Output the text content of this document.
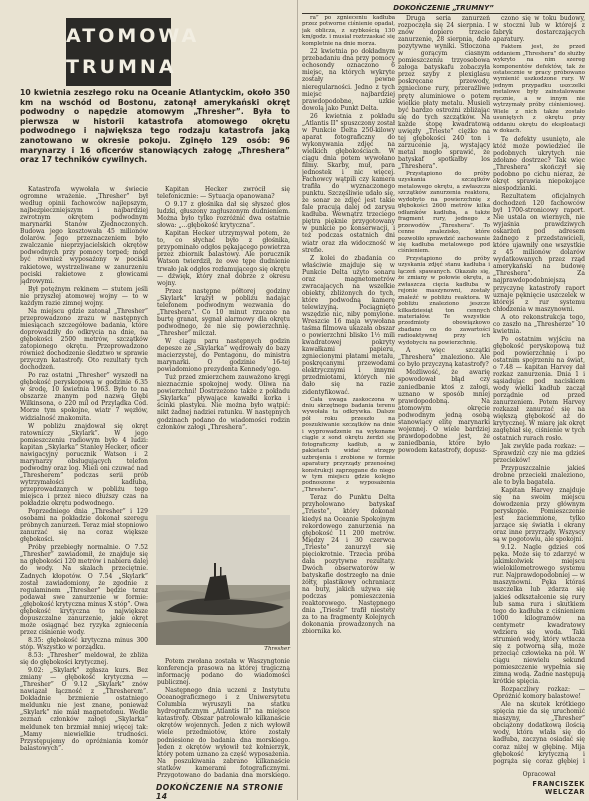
ATOMOWA
TRUMNA
10 kwietnia zeszłego roku na Oceanie Atlantyckim, około 350 km na wschód od Bostonu, zatonął amerykański okręt podwodny o napędzie atomowym „Thresher”. Była to pierwsza w historii katastrofa atomowego okrętu podwodnego i największa tego rodzaju katastrofa jaką zanotowano w okresie pokoju. Zginęło 129 osób: 96 marynarzy i 16 oficerów stanowiących załogę „Threshera” oraz 17 techników cywilnych.

Katastrofa wywołała w świecie ogromne wrażenie. „Thresher” był według opinii fachowców najlepszym, najbezpieczniejszym i najbardziej zwrotnym okrętem podwodnym marynarki Stanów Zjednoczonych. Budowa jego kosztowała 45 milionów dolarów. Jego przeznaczeniem było zwalczanie nieprzyjacielskich okrętów podwodnych przy pomocy torped; mógł być również wyposażony w pociski rakietowe, wystrzeliwane w zanurzeniu pociski rakietowe z głowicami jądrowymi.

Był potężnym rekinem — stutem jeśli nie przyszłej atomowej wojny — to w każdym razie zimnej wojny.

Na miejscu gdzie zatonął „Thresher” przeprowadzono zrazu w następnych miesiącach szczegółowe badania, które doprowadziły do odkrycia na dnie, na głębokości 2500 metrów, szczątków zatopionego okrętu. Przeprowadzono również dochodzenie śledztwo w sprawie przyczyn katastrofy. Oto rezultaty tych dochodzeń.

Po raz ostatni „Thresher” wyszedł na głębokość peryskopową w godzinie 6.35 w środę, 10 kwietnia 1963. Było to na obszarze znanym pod nazwą Głębi Wilkinsona, o 220 mil od Przylądka Cod. Morze tym spokojne, wiatr 7 węzłów, widzialność znakomita.

W pobliżu znajdował się okręt ratowniczy „Skylark”. W jego pomieszczeniu radiowym było 4 ludzi: kapitan „Skylarka” Stanley Hecker, oficer nawigacyjny porucznik Watson i 2 marynarzy obsługujących telefon podwodny oraz log. Mieli oni czuwać nad „Thresherem” podczas serii prób wytrzymałości kadłuba, przeprowadzanych w pobliżu tego miejsca i przez nieco dłuższy czas na pokładzie okrętu podwodnego.

Poprzedniego dnia „Thresher” i 129 osobami na pokładzie dokonał szeregu próbnych zanurzeń. Teraz miał stopniowo zanurzać się na coraz większe głębokości.

Próby przebiegły normalnie. O 7.52 „Thresher” zawiadomił, że znajduje się na głębokości 120 metrów i nabiera dalej do wody. Na skalach przeciętnie. Zadnych kłopotów. O 7.54 „Skylark” został zawiadomiony, że zgodnie z regulaminem „Thresher” będzie teraz podawał swe zanurzenie w formie: „głębokość krytyczna minus X stóp”. Owa głębokość krytyczna to największe dopuszczalne zanurzenie, jakie okręt może osiągnąć bez ryzyka zgniecenia przez ciśnienie wody.

8.35: głębokość krytyczna minus 300 stóp. Wszystko w porządku.

8.53: „Thresher” meldował, że zbliża się do głębokości krytycznej.

9.02: „Skylark” zgłasza kurs. Bez zmiany — głębokość krytyczna — „Thresher” O 9.12 „Skylark” znów nawiązał łączność z „Thresherem”. Dokładnie brzmienie ostatniego meldunku nie jest znane, ponieważ „Skylark” nie miał magnetofonu. Wedle zeznań członków załogi „Skylarka” meldunek ten brzmiał mniej więcej tak: „Mamy niewielkie trudności. Przystępujemy do opróżniania komór balastowych”.

Kapitan Hecker zwrócił się telefonicznie: — Sytuacja opanowana?

O 9.17 z głośnika dał się słyszeć głos ludzki, głuszony zagłuszonym dudnieniem. Można było tylko rozróżnić dwa ostatnie słowa: „...głębokość krytyczna”.

Kapitan Hecker utrzymywał potem, że to, co słychać było z głośnika, przypominało odgłos pękającego powietrza przez zbiornik balastowy. Ale porucznik Watson twierdził, że owe tępe dudnienie trwało jak odgłos rozłamującego się okrętu — dźwięk, który znał dobrze z okresu wojny.

Przez następne półtorej godziny „Skylark” krążył w pobliżu nadając telefonem podwodnym wezwania do „Threshera”. Co 10 minut rzucano na burtę granat, sygnał alarmowy dla okrętu podwodnego, że nie się powierzchnię. „Thresher” milczał.

W ciągu paru następnych godzin depesze ze „Skylarka” wędrowały do bazy macierzystej, do Pentagonu, do ministra marynarki. O godzinie 16-tej powiadomiono prezydenta Kennedy'ego.

Tuż przed zmierzchem zauważono kręgi nieznacznie spokojnej wody. Oliwa na powierzchni! Dostrzeżono także z pokładu „Skylarka” pływające kawałki korka i ścinki plastyku. Nie można było wątpić: nikt żadnej nadziei ratunku. W następnych godzinach podano do wiadomości rodzin członków załogi „Threshera”.

Thresher

Potem zwołana została w Waszyngtonie konferencja prasowa na której tragiczną informację podano do wiadomości publicznej.

Następnego dnia uczeni z Instytutu Oceanograficznego i z Uniwersytetu Columbia wyruszyli na statku hydrograficznym „Atlantis II” na miejsce katastrofy. Obszar patrolowało kilkanaście okrętów wojennych. Jeden z nich wyłowił wiele przedmiotów, które zostały podniesione do badania dna morskiego. Jeden z okrętów wyłowił też kołnierzyk, który potem uznano za część wyposażenia. Na poszukiwania zabrano kilkanaście statków kamerami fotograficznymi. Przygotowano do badania dna morskiego.

DOKOŃCZENIE NA STRONIE 14
DOKOŃCZENIE „TRUMNY”

ra” po zgnieceniu kadłuba przez potworne ciśnienie opadał, jak oblicza, z szybkością 130 km/godz. i musiał roztrzaskać się kompletnie na dnie morza.

22 kwietnia po dokładnym przebadaniu dna przy pomocy echosondy oznaczono 6 miejsc, na których wykryte zostały pewne nieregularności. Jedno z tych miejsc najbardziej prawdopodobne, uzkie dowolą jako Punkt Delta.

26 kwietnia z pokładu „Atlantis II” spuszczony został w Punkcie Delta 250-kilowy aparat fotograficzny do wykonywania zdjęć na wielkich głębokościach. W ciągu dnia potem wywołano filmy. Skarby, muł, para jednostek i nic więcej. Fachowcy wątpili czy kamera trafiła do wyznaczonego punktu. Szczęśliwie udało się, że sonar ze zdjęć jest takie fale pracują dalej od zarysu kadłuba. Wewnątrz trzeciego piętra pięknie przygotowany w punkcie po konserwacji, i też podczas ostatnich dni wiatr oraz zła widoczność w strefie.

Z kolei do zbadania co właściwie znajduje się w Punkcie Delta użyto sonaru oraz magnetometrów zwracających na wszelkie obiekty, zbliżonych do tych, które podwodną kamerę telewizyjną. Pociągnięto wszędzie nic, niby pomylone. Wreszcie 16 maja wywołana taśma filmowa ukazała obszar o powierzchni blisko 1½ mili kwadratowej pokryty kawałkami papieru, zgniecionymi płatami metalu, poskręcanymi przewodami elektrycznymi i innymi przedmiotami, których nie dało się na razie zidentyfikować.

Cała uwaga zaskoczona w dniu skrzętnego badania terenu wywołała ta odkrywka. Dalsze pół roku przeszło na poszukiwanie szczątków na dnie i wyprowadzenie na wykonane ciągle z sond okrętu żerdzi się fotograficzny kadłub, a w pakietach widać strzępy uzbrojenia i zrobione w formie aparatury przyrządy przenośnej konstrukcji zaprzęgane do niego w tym miejscu gdzie kolejno podnoszone z wyposażenia „Threshera”.

Teraz do Punktu Delta przyholowano batyskaf „Trieste”, który dokonał kiedyś na Oceanie Spokojnym rekordowego zanurzenia na głębokość 11 200 metrów. Między 24 i 30 czerwca „Trieste” zanurzył się pięciokrotnie. Trzecia próba dała pozytywne rezultaty. Dwóch obserwatorów w batyskafie dostrzegło na dnie żółty, plastikowy ochraniacz na buty, jakich używa się podczas pomieszczenia reaktorowego. Następnego dnia „Trieste” trafił niestety za to na fragmenty Kolejnych dokonania prowadzonych na zbiornika ko.

Druga seria zanurzeń rozpoczęła się 24 sierpnia. I znów dopiero trzecie zanurzenie, 28 sierpnia, dało pozytywne wyniki. Stłoczona w gorącym ciasnym pomieszczeniu trzyosobowa załoga batyskafu zobaczyła przez szyby z plexiglasu poskręcane przewody, zgniecione rury, przeraźliwe pręty aluminiowe o potem wielkie płaty metalu. Musieli być bardzo ostrożni zbliżając się do tych szczątków. Na każde stopę kwadratową uwięzły „Trieste” ciężko na tej głębokości 240 ton i zarzucenie ją, wystający metal mogło sprawić, że batyskaf spotkałby los „Threshera”.

Przystąpiono do próby uzyskania szczątków metalowego okrętu, a zwłaszcza szczątków zanurzenia reaktora, wydobyto na powierzchnię z głębokości 2600 metrów kilka odłamków kadłuba, a także fragment rury, jednego z przewodów „Threshera”. To cenne znalezisko, które pozwoliło sprawdzić zachowanie się kadłuba metalowego pod ciśnieniem.

Przystąpiono do próby uzyskania zdjęć stanu kadłuba i łączeń spawanych. Okazało się, że zmiany w połowie okrętu, a zwłaszcza cięcia kadłuba w rejonie maszynowni, zostały znaleźć w pobliżu reaktora. W pobliżu znaleziono jeszcze kilkadziesiąt ton cennych materiałów. Te wszystkie przedmioty obowiązkowo zbadano co do zawartości radioaktywnej przy ich wydobyciu na powierzchnię.

A więc szczątki „Threshera” znaleziono. Ale co było przyczyną katastrofy?

Możliwość, że awarię spowodował błąd czy zaniedbanie ktoś z załogi, uznano w sposób mniej prawdopodobną. Na atomowym okręcie podwodnym jedną osobą stanowiący elitę marynarki wojennej. O wiele bardziej prawdopodobne jest, że zaniedbania, które było powodem katastrofy, dopusz-

czono się w toku budowy, w stoczni lub w którejś z fabryk dostarczających aparatury.

Faktem jest, że przed oddaniem „Threshera” do służby wykryto na nim szereg komponentów defektów, tak że ostatecznie w pracy próbowano wymienić uszkodzone rury. W jednym przypadku uszczelki metalowe były zainstalowane ręcznie, a w innym nie wytrzymały próby ciśnieniowej. Wiele z nich także zostało usuniętych z okrętu przy oddaniu okrętu do eksploatacji w dokach.

Te defekty usunięto, ale któż może powiedzieć ile podobnych ukrytych nie zdołano dostrzec? Tak więc „Threshera” skończył się podobno po cichu nieraz, że okręt sprawia niepokojące niespodzianki.

Rezultatem oficjalnych dochodzeń 120 fachowców był 1700-stronicowy raport. Nie ustala on wiernych, nie wyjaśnia prawdziwych oskarżeń pod adresem żadnego z przedstawicieli, które ujawniły one wszystkie z 45 milionów dolarów wydatkowanych przez rząd amerykański na budowę „Threshera”. Za najprawdopodobniejszą przyczynę katastrofy raport uznaje pęknięcie uszczelek w którejś z rur systemu chłodzenia w maszynowni.

A oto rekonstrukcja tego, co zaszło na „Thresherze” 10 kwietnia.

Po ostatnim wyjściu na głębokość peryskopową tuż pod powierzchnię i po ostatnim spojrzeniu na świat, o 7.48 — kapitan Harvey dał rozkaz zanurzenia. Dnia 1 i sąsiadując pod naciskiem wody wielki kadłub zaczął porządnie od przed zanurzeniem. Potem Harvey rozkazał zanurzać się na większą głębokość aż do krytycznej. W miarę jak okręt zagłębiał się, ciśnienie w tych ostatnich rurach rosło.

Jak zwykle pada rozkaz: — Sprawdzić czy nie ma gdzieś przecieków!

Przypuszczalnie jakieś drobne przecieki znaleziono, ale to była bagatela.

Kapitan Harvey znajduje się na swoim miejscu dowodzenia przy głównym peryskopie. Pomieszczenie jest zaciemnione, tylko jarzące się światła i ekrany oraz inne przyrządy. Wszyscy są w pogotowiu, ale spokojni.

9.12. Nagle gdzieś coś pęka. Może się to zdarzyć w jakimkolwiek miejscu wielokilometrowego systemu rur. Najprawdopodobniej — w maszynowni. Pęka któraś uszczelka lub zdarza się jakieś odkształcenie się rury lub sama rura i skutkiem tego do kadłuba z ciśnieniem 1000 kilogramów na centymetr kwadratowy wdziera się woda. Taki strumień wody, który wtłacza się z potworną siłą, może przeciąć człowieka na pół. W ciągu niewielu sekund pomieszczenie wypełnia się zimną wodą. Żadne następują krótkie spięcia.

Rozpaczliwy rozkaz: — Opróżnić komory balastowe!

Ale na skutek krótkiego spięcia nie da się uruchomić maszyny, „Thresher” obciążony dodatkową ilością wody, która wlała się do kadłuba, zaczyna osiadać się coraz niżej w głębinę. Mija głębokość krytyczną i pogrąża się coraz głębiej i

Opracował
FRANCISZEK WELCZAR
